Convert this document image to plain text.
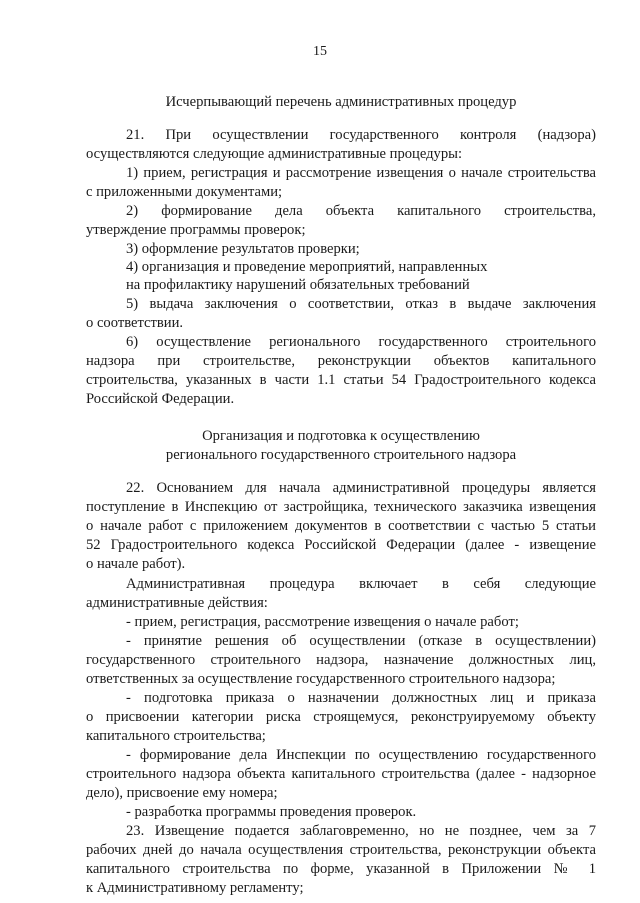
15
Исчерпывающий перечень административных процедур
21. При осуществлении государственного контроля (надзора)
осуществляются следующие административные процедуры:
1) прием, регистрация и рассмотрение извещения о начале строительства
с приложенными документами;
2) формирование дела объекта капитального строительства,
утверждение программы проверок;
3) оформление результатов проверки;
4) организация и проведение мероприятий, направленных
на профилактику нарушений обязательных требований
5) выдача заключения о соответствии, отказ в выдаче заключения
о соответствии.
6) осуществление регионального государственного строительного
надзора при строительстве, реконструкции объектов капитального
строительства, указанных в части 1.1 статьи 54 Градостроительного кодекса
Российской Федерации.
Организация и подготовка к осуществлению
регионального государственного строительного надзора
22. Основанием для начала административной процедуры является
поступление в Инспекцию от застройщика, технического заказчика извещения
о начале работ с приложением документов в соответствии с частью 5 статьи
52 Градостроительного кодекса Российской Федерации (далее - извещение
о начале работ).
Административная процедура включает в себя следующие
административные действия:
- прием, регистрация, рассмотрение извещения о начале работ;
- принятие решения об осуществлении (отказе в осуществлении)
государственного строительного надзора, назначение должностных лиц,
ответственных за осуществление государственного строительного надзора;
- подготовка приказа о назначении должностных лиц и приказа
о присвоении категории риска строящемуся, реконструируемому объекту
капитального строительства;
- формирование дела Инспекции по осуществлению государственного
строительного надзора объекта капитального строительства (далее - надзорное
дело), присвоение ему номера;
- разработка программы проведения проверок.
23. Извещение подается заблаговременно, но не позднее, чем за 7
рабочих дней до начала осуществления строительства, реконструкции объекта
капитального строительства по форме, указанной в Приложении № 1
к Административному регламенту;
